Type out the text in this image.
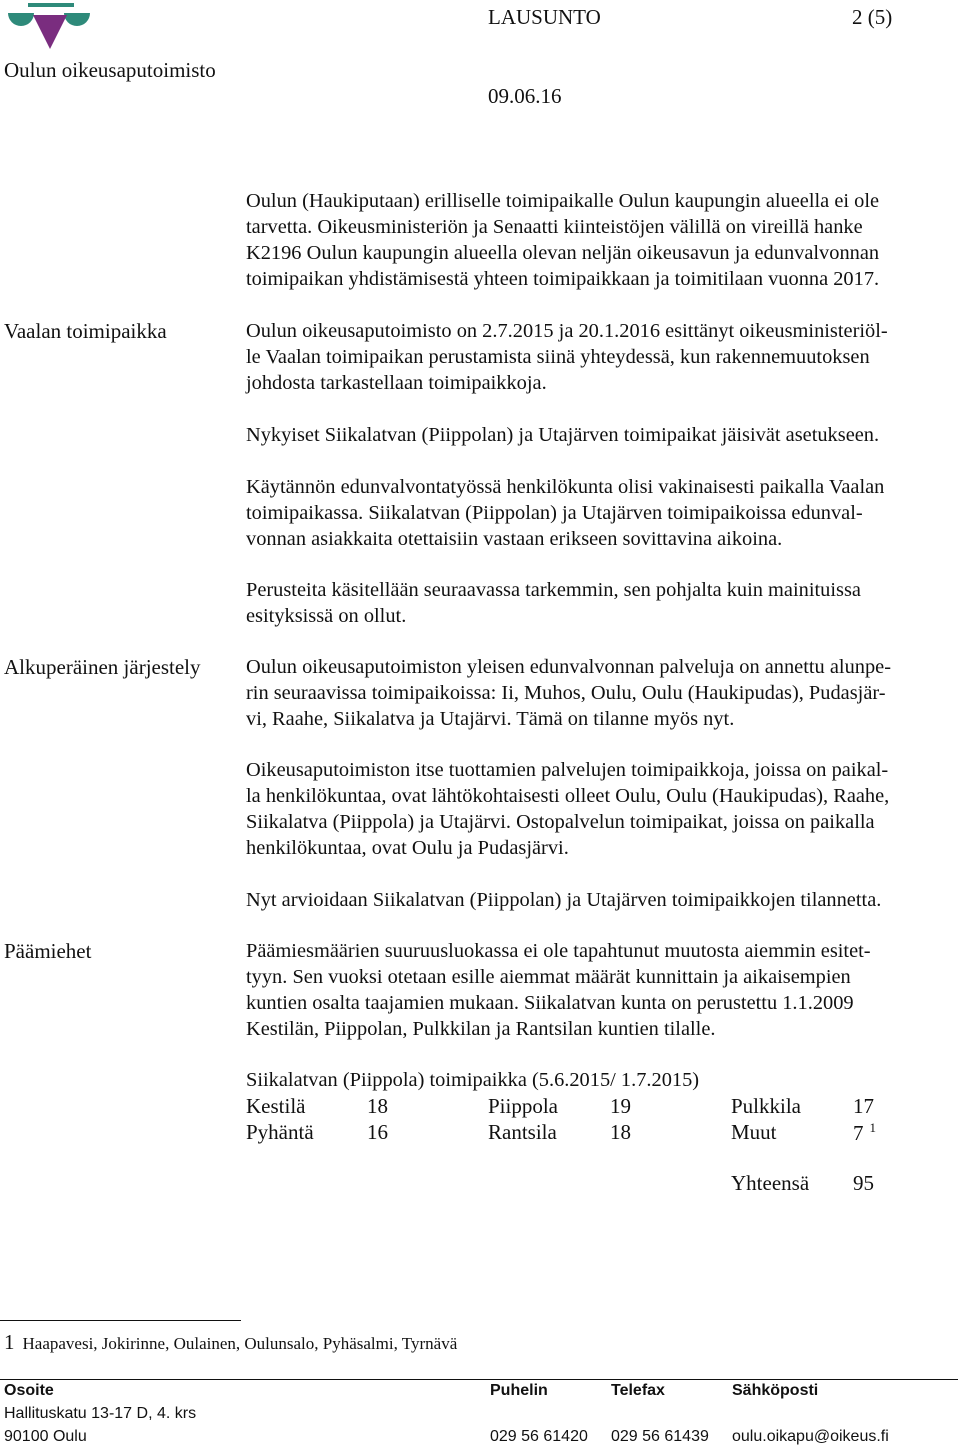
Oulun oikeusaputoimisto
LAUSUNTO	2 (5)
09.06.16
Oulun (Haukiputaan) erilliselle toimipaikalle Oulun kaupungin alueella ei ole
tarvetta. Oikeusministeriön ja Senaatti kiinteistöjen välillä on vireillä hanke
K2196 Oulun kaupungin alueella olevan neljän oikeusavun ja edunvalvonnan
toimipaikan yhdistämisestä yhteen toimipaikkaan ja toimitilaan vuonna 2017.
Vaalan toimipaikka	Oulun oikeusaputoimisto on 2.7.2015 ja 20.1.2016 esittänyt oikeusministeriöl-
le Vaalan toimipaikan perustamista siinä yhteydessä, kun rakennemuutoksen
johdosta tarkastellaan toimipaikkoja.
Nykyiset Siikalatvan (Piippolan) ja Utajärven toimipaikat jäisivät asetukseen.
Käytännön edunvalvontatyössä henkilökunta olisi vakinaisesti paikalla Vaalan
toimipaikassa. Siikalatvan (Piippolan) ja Utajärven toimipaikoissa edunval-
vonnan asiakkaita otettaisiin vastaan erikseen sovittavina aikoina.
Perusteita käsitellään seuraavassa tarkemmin, sen pohjalta kuin mainituissa
esityksissä on ollut.
Alkuperäinen järjestely Oulun oikeusaputoimiston yleisen edunvalvonnan palveluja on annettu alunpe-
rin seuraavissa toimipaikoissa: Ii, Muhos, Oulu, Oulu (Haukipudas), Pudasjär-
vi, Raahe, Siikalatva ja Utajärvi. Tämä on tilanne myös nyt.
Oikeusaputoimiston itse tuottamien palvelujen toimipaikkoja, joissa on paikal-
la henkilökuntaa, ovat lähtökohtaisesti olleet Oulu, Oulu (Haukipudas), Raahe,
Siikalatva (Piippola) ja Utajärvi. Ostopalvelun toimipaikat, joissa on paikalla
henkilökuntaa, ovat Oulu ja Pudasjärvi.
Nyt arvioidaan Siikalatvan (Piippolan) ja Utajärven toimipaikkojen tilannetta.
Päämiehet	Päämiesmäärien suuruusluokassa ei ole tapahtunut muutosta aiemmin esitet-
tyyn. Sen vuoksi otetaan esille aiemmat määrät kunnittain ja aikaisempien
kuntien osalta taajamien mukaan. Siikalatvan kunta on perustettu 1.1.2009
Kestilän, Piippolan, Pulkkilan ja Rantsilan kuntien tilalle.
Siikalatvan (Piippola) toimipaikka (5.6.2015/ 1.7.2015)
Kestilä	18	Piippola 19	Pulkkila 17
Pyhäntä	16	Rantsila	18	Muut	7 $^1$
Yhteensä 95
1 Haapavesi, Jokirinne, Oulainen, Oulunsalo, Pyhäsalmi, Tyrnävä
Osoite	Puhelin	Telefax	Sähköposti
Hallituskatu 13-17 D, 4. krs
90100 Oulu	029 56 61420 029 56 61439 oulu.oikapu@oikeus.fi
